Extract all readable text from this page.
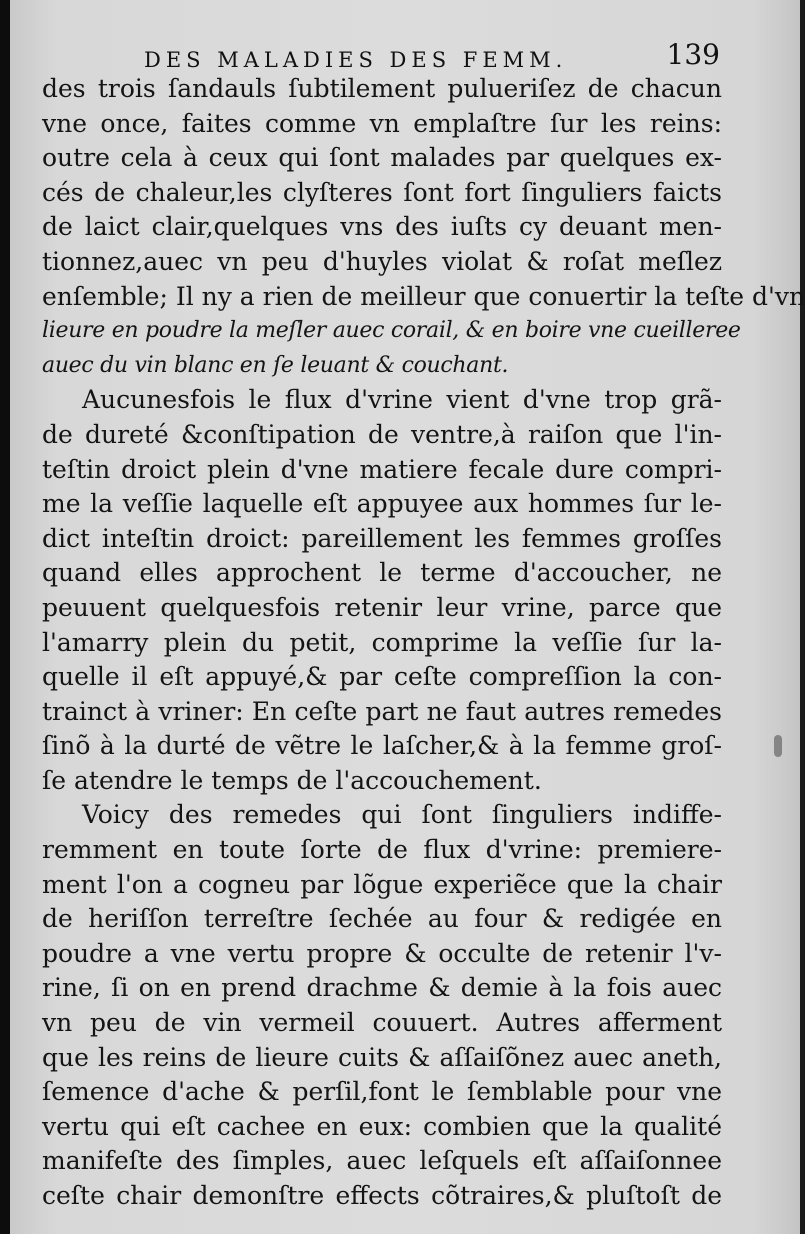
DES MALADIES DES FEMM.	139
des trois ſandauls ſubtilement pulueriſez de chacun
vne once, faites comme vn emplaſtre ſur les reins:
outre cela à ceux qui ſont malades par quelques ex-
cés de chaleur,les clyſteres ſont fort ſinguliers faicts
de laict clair,quelques vns des iuſts cy deuant men-
tionnez,auec vn peu d'huyles violat & roſat meſlez
enſemble; Il ny a rien de meilleur que conuertir la teſte d'vn
lieure en poudre la meſler auec corail, & en boire vne cueilleree
auec du vin blanc en ſe leuant & couchant.
Aucunesfois le flux d'vrine vient d'vne trop grã-
de dureté &conſtipation de ventre,à raiſon que l'in-
teſtin droict plein d'vne matiere fecale dure compri-
me la veſſie laquelle eſt appuyee aux hommes ſur le-
dict inteſtin droict: pareillement les femmes groſſes
quand elles approchent le terme d'accoucher, ne
peuuent quelquesfois retenir leur vrine, parce que
l'amarry plein du petit, comprime la veſſie ſur la-
quelle il eſt appuyé,& par ceſte compreſſion la con-
trainct à vriner: En ceſte part ne faut autres remedes
ſinõ à la durté de vẽtre le laſcher,& à la femme groſ-
ſe atendre le temps de l'accouchement.
Voicy des remedes qui ſont ſinguliers indiffe-
remment en toute ſorte de flux d'vrine: premiere-
ment l'on a cogneu par lõgue experiẽce que la chair
de heriſſon terreſtre ſechée au four & redigée en
poudre a vne vertu propre & occulte de retenir l'v-
rine, ſi on en prend drachme & demie à la fois auec
vn peu de vin vermeil couuert. Autres afferment
que les reins de lieure cuits & aſſaiſõnez auec aneth,
ſemence d'ache & perſil,font le ſemblable pour vne
vertu qui eſt cachee en eux: combien que la qualité
manifeſte des ſimples, auec leſquels eſt aſſaiſonnee
ceſte chair demonſtre effects cõtraires,& pluſtoſt de
